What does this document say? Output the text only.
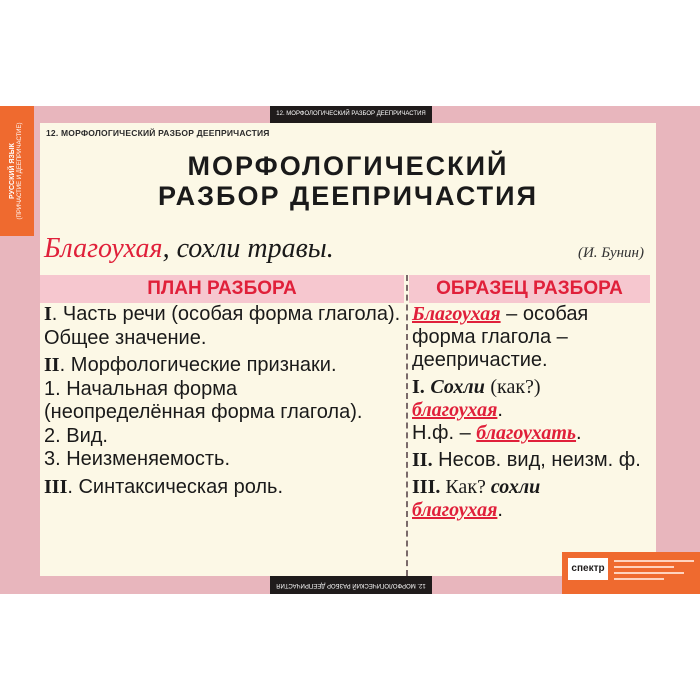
РУССКИЙ ЯЗЫК (ПРИЧАСТИЕ И ДЕЕПРИЧАСТИЕ)
12. МОРФОЛОГИЧЕСКИЙ РАЗБОР ДЕЕПРИЧАСТИЯ
12. МОРФОЛОГИЧЕСКИЙ РАЗБОР ДЕЕПРИЧАСТИЯ
МОРФОЛОГИЧЕСКИЙ
РАЗБОР ДЕЕПРИЧАСТИЯ
Благоухая, сохли травы.	(И. Бунин)
ПЛАН РАЗБОРА	ОБРАЗЕЦ РАЗБОРА

I. Часть речи (особая форма глагола). Общее значение.

II. Морфологические признаки.

1. Начальная форма (неопределённая форма глагола).

2. Вид.

3. Неизменяемость.

III. Синтаксическая роль.

Благоухая – особая форма глагола – деепричастие.

I. Сохли (как?)
благоухая.

Н.ф. – благоухать.

II. Несов. вид, неизм. ф.

III. Как? сохли
благоухая.

12. МОРФОЛОГИЧЕСКИЙ РАЗБОР ДЕЕПРИЧАСТИЯ
спектр
